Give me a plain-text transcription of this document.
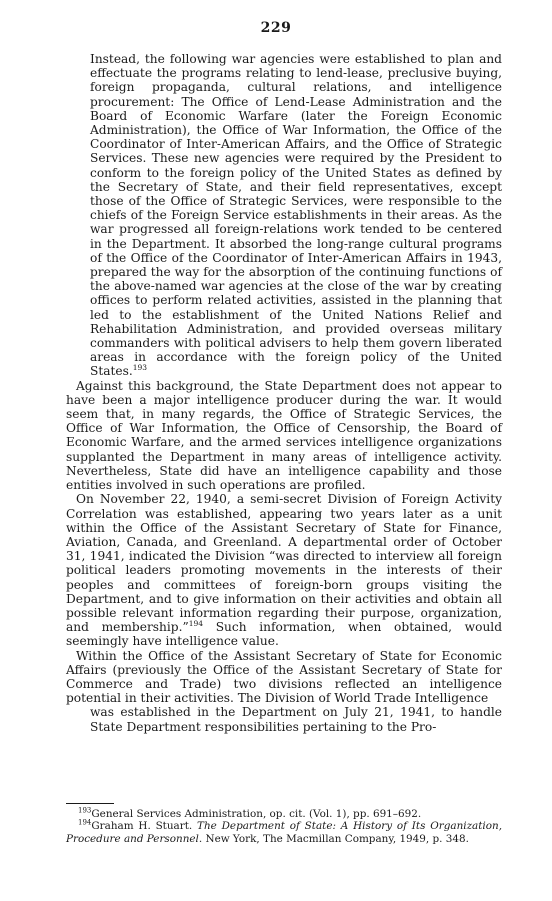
229

Instead, the following war agencies were established to plan and effectuate the programs relating to lend-lease, preclusive buying, foreign propaganda, cultural relations, and intelligence procurement: The Office of Lend-Lease Administration and the Board of Economic Warfare (later the Foreign Economic Administration), the Office of War Information, the Office of the Coordinator of Inter-American Affairs, and the Office of Strategic Services. These new agencies were required by the President to conform to the foreign policy of the United States as defined by the Secretary of State, and their field representatives, except those of the Office of Strategic Services, were responsible to the chiefs of the Foreign Service establishments in their areas. As the war progressed all foreign-relations work tended to be centered in the Department. It absorbed the long-range cultural programs of the Office of the Coordinator of Inter-American Affairs in 1943, prepared the way for the absorption of the continuing functions of the above-named war agencies at the close of the war by creating offices to perform related activities, assisted in the planning that led to the establishment of the United Nations Relief and Rehabilitation Administration, and provided overseas military commanders with political advisers to help them govern liberated areas in accordance with the foreign policy of the United States.$^{193}$

Against this background, the State Department does not appear to have been a major intelligence producer during the war. It would seem that, in many regards, the Office of Strategic Services, the Office of War Information, the Office of Censorship, the Board of Economic Warfare, and the armed services intelligence organizations supplanted the Department in many areas of intelligence activity. Nevertheless, State did have an intelligence capability and those entities involved in such operations are profiled.

On November 22, 1940, a semi-secret Division of Foreign Activity Correlation was established, appearing two years later as a unit within the Office of the Assistant Secretary of State for Finance, Aviation, Canada, and Greenland. A departmental order of October 31, 1941, indicated the Division “was directed to interview all foreign political leaders promoting movements in the interests of their peoples and committees of foreign-born groups visiting the Department, and to give information on their activities and obtain all possible relevant information regarding their purpose, organization, and membership.”$^{194}$ Such information, when obtained, would seemingly have intelligence value.

Within the Office of the Assistant Secretary of State for Economic Affairs (previously the Office of the Assistant Secretary of State for Commerce and Trade) two divisions reflected an intelligence potential in their activities. The Division of World Trade Intelligence

was established in the Department on July 21, 1941, to handle State Department responsibilities pertaining to the Pro-

$^{193}$General Services Administration, op. cit. (Vol. 1), pp. 691–692.

$^{194}$Graham H. Stuart. The Department of State: A History of Its Organization, Procedure and Personnel. New York, The Macmillan Company, 1949, p. 348.
